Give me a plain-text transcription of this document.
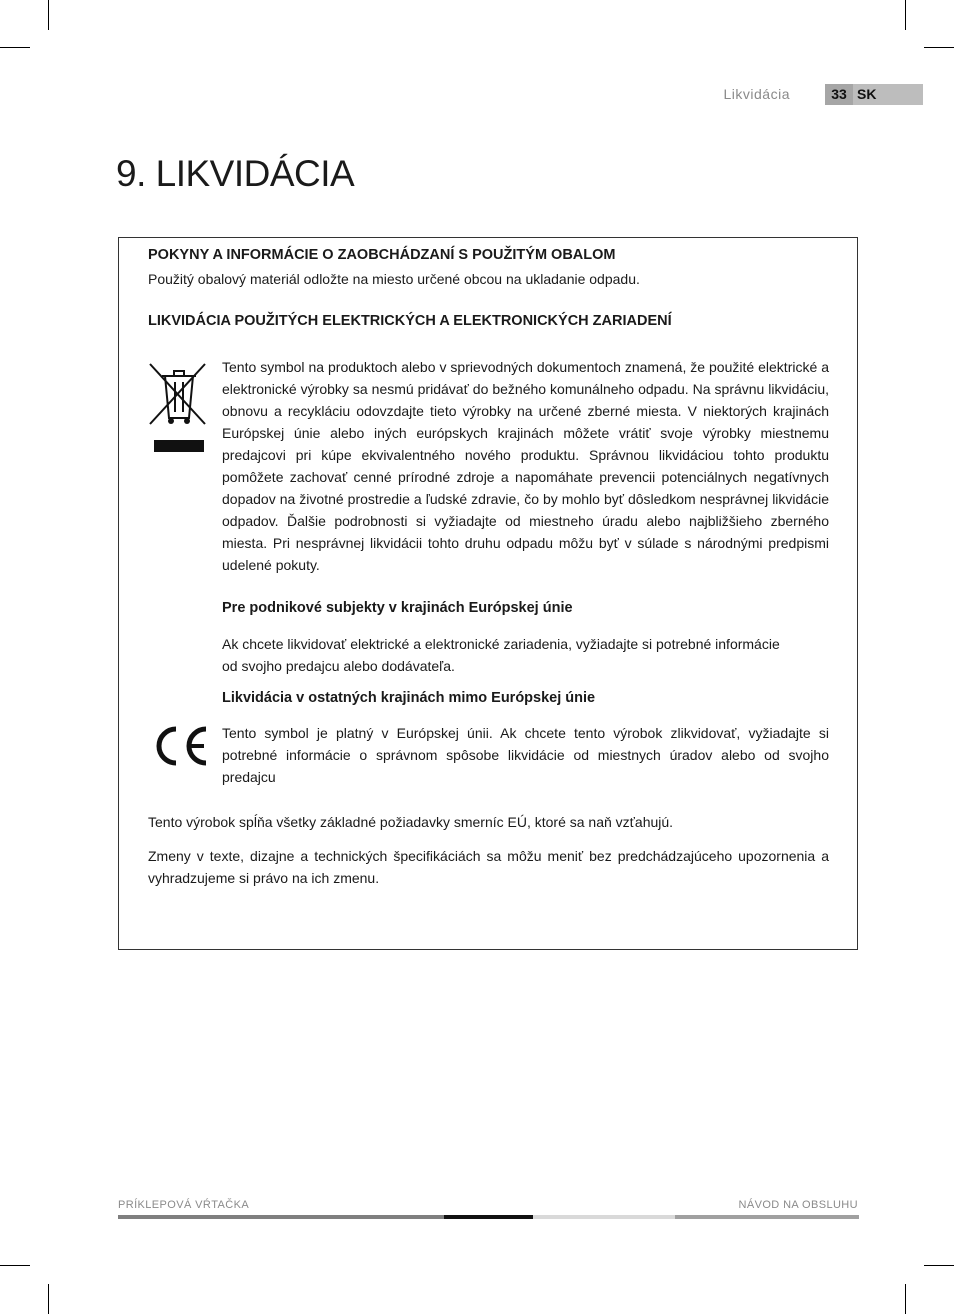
Likvidácia	33 SK
9. LIKVIDÁCIA
POKYNY A INFORMÁCIE O ZAOBCHÁDZANÍ S POUŽITÝM OBALOM
Použitý obalový materiál odložte na miesto určené obcou na ukladanie odpadu.
LIKVIDÁCIA POUŽITÝCH ELEKTRICKÝCH A ELEKTRONICKÝCH ZARIADENÍ
Tento symbol na produktoch alebo v sprievodných dokumentoch znamená, že použité elektrické a elektronické výrobky sa nesmú pridávať do bežného komunálneho odpadu. Na správnu likvidáciu, obnovu a recykláciu odovzdajte tieto výrobky na určené zberné miesta. V niektorých krajinách Európskej únie alebo iných európskych krajinách môžete vrátiť svoje výrobky miestnemu predajcovi pri kúpe ekvivalentného nového produktu. Správnou likvidáciou tohto produktu pomôžete zachovať cenné prírodné zdroje a napomáhate prevencii potenciálnych negatívnych dopadov na životné prostredie a ľudské zdravie, čo by mohlo byť dôsledkom nesprávnej likvidácie odpadov. Ďalšie podrobnosti si vyžiadajte od miestneho úradu alebo najbližšieho zberného miesta. Pri nesprávnej likvidácii tohto druhu odpadu môžu byť v súlade s národnými predpismi udelené pokuty.
Pre podnikové subjekty v krajinách Európskej únie
Ak chcete likvidovať elektrické a elektronické zariadenia, vyžiadajte si potrebné informácie od svojho predajcu alebo dodávateľa.
Likvidácia v ostatných krajinách mimo Európskej únie
Tento symbol je platný v Európskej únii. Ak chcete tento výrobok zlikvidovať, vyžiadajte si potrebné informácie o správnom spôsobe likvidácie od miestnych úradov alebo od svojho predajcu
Tento výrobok spĺňa všetky základné požiadavky smerníc EÚ, ktoré sa naň vzťahujú.
Zmeny v texte, dizajne a technických špecifikáciách sa môžu meniť bez predchádzajúceho upozornenia a vyhradzujeme si právo na ich zmenu.
PRÍKLEPOVÁ VŔTAČKA	NÁVOD NA OBSLUHU
